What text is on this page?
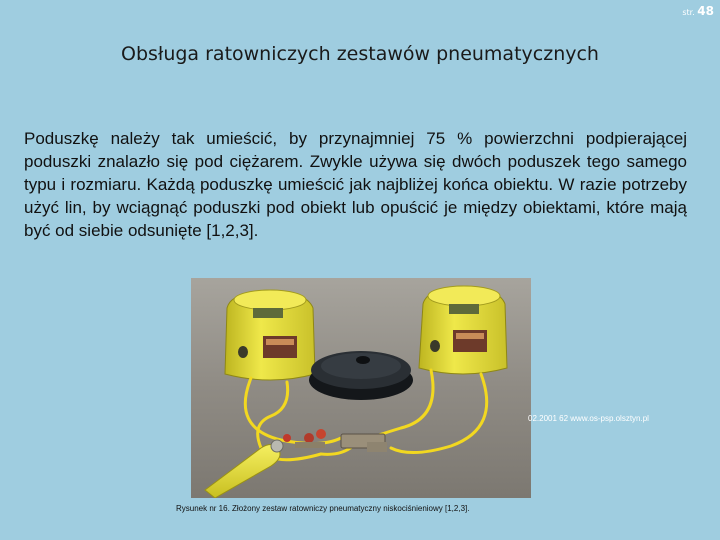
str. 48
Obsługa ratowniczych zestawów pneumatycznych
Poduszkę należy tak umieścić, by przynajmniej 75 % powierzchni podpierającej poduszki znalazło się pod ciężarem. Zwykle używa się dwóch poduszek tego samego typu i rozmiaru. Każdą poduszkę umieścić jak najbliżej końca obiektu. W razie potrzeby użyć lin, by wciągnąć poduszki pod obiekt lub opuścić je między obiektami, które mają być od siebie odsunięte [1,2,3].
02.2001 62 www.os-psp.olsztyn.pl
Rysunek nr 16. Złożony zestaw ratowniczy pneumatyczny niskociśnieniowy [1,2,3].
